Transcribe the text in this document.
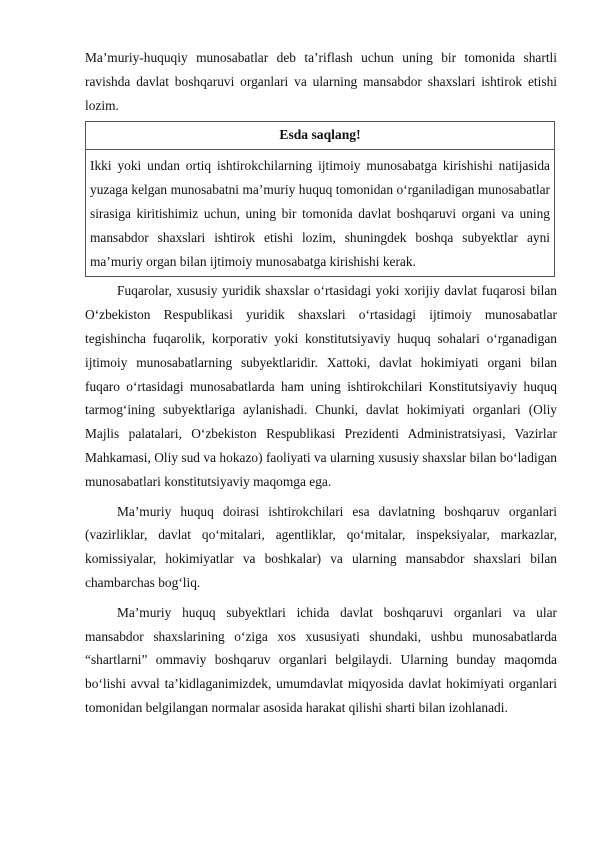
Ma’muriy-huquqiy munosabatlar deb ta’riflash uchun uning bir tomonida shartli ravishda davlat boshqaruvi organlari va ularning mansabdor shaxslari ishtirok etishi lozim.

Esda saqlang!
Ikki yoki undan ortiq ishtirokchilarning ijtimoiy munosabatga kirishishi natijasida yuzaga kelgan munosabatni ma’muriy huquq tomonidan o‘rganiladigan munosabatlar sirasiga kiritishimiz uchun, uning bir tomonida davlat boshqaruvi organi va uning mansabdor shaxslari ishtirok etishi lozim, shuningdek boshqa subyektlar ayni ma’muriy organ bilan ijtimoiy munosabatga kirishishi kerak.

Fuqarolar, xususiy yuridik shaxslar o‘rtasidagi yoki xorijiy davlat fuqarosi bilan O‘zbekiston Respublikasi yuridik shaxslari o‘rtasidagi ijtimoiy munosabatlar tegishincha fuqarolik, korporativ yoki konstitutsiyaviy huquq sohalari o‘rganadigan ijtimoiy munosabatlarning subyektlaridir. Xattoki, davlat hokimiyati organi bilan fuqaro o‘rtasidagi munosabatlarda ham uning ishtirokchilari Konstitutsiyaviy huquq tarmog‘ining subyektlariga aylanishadi. Chunki, davlat hokimiyati organlari (Oliy Majlis palatalari, O‘zbekiston Respublikasi Prezidenti Administratsiyasi, Vazirlar Mahkamasi, Oliy sud va hokazo) faoliyati va ularning xususiy shaxslar bilan bo‘ladigan munosabatlari konstitutsiyaviy maqomga ega.

Ma’muriy huquq doirasi ishtirokchilari esa davlatning boshqaruv organlari (vazirliklar, davlat qo‘mitalari, agentliklar, qo‘mitalar, inspeksiyalar, markazlar, komissiyalar, hokimiyatlar va boshkalar) va ularning mansabdor shaxslari bilan chambarchas bog‘liq.

Ma’muriy huquq subyektlari ichida davlat boshqaruvi organlari va ular mansabdor shaxslarining o‘ziga xos xususiyati shundaki, ushbu munosabatlarda “shartlarni” ommaviy boshqaruv organlari belgilaydi. Ularning bunday maqomda bo‘lishi avval ta’kidlaganimizdek, umumdavlat miqyosida davlat hokimiyati organlari tomonidan belgilangan normalar asosida harakat qilishi sharti bilan izohlanadi.
